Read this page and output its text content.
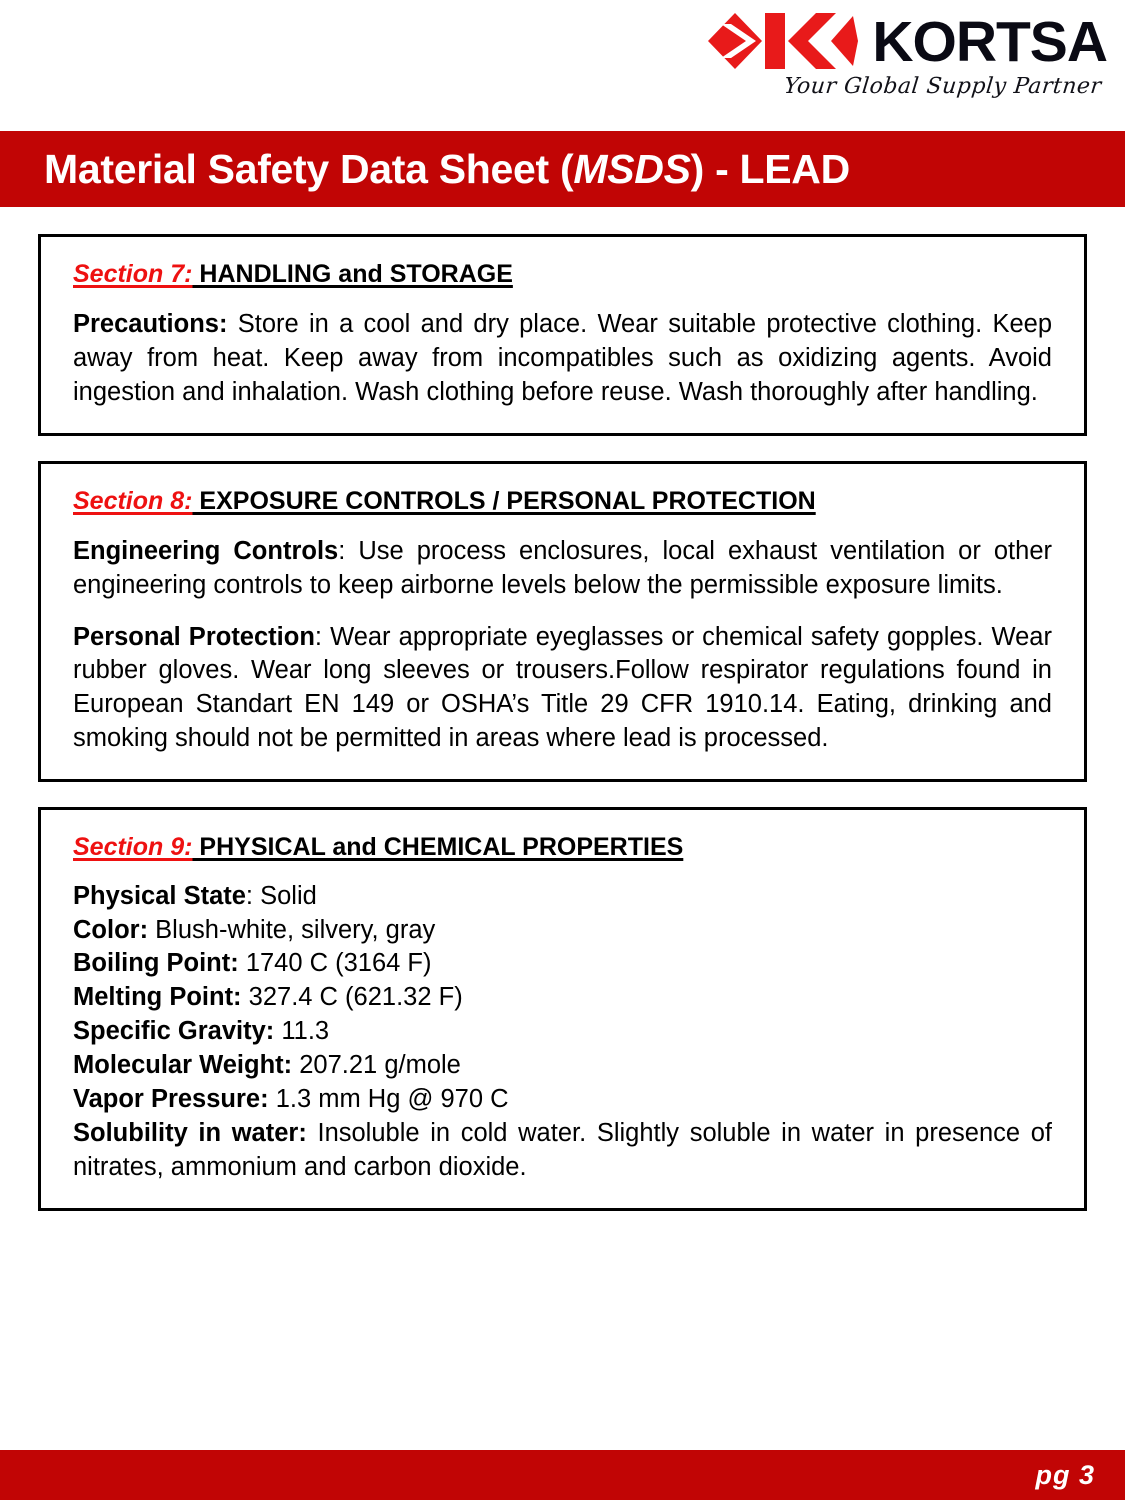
KORTSA
Your Global Supply Partner
Material Safety Data Sheet (MSDS) - LEAD
Section 7: HANDLING and STORAGE

Precautions: Store in a cool and dry place. Wear suitable protective clothing. Keep away from heat. Keep away from incompatibles such as oxidizing agents. Avoid ingestion and inhalation. Wash clothing before reuse. Wash thoroughly after handling.

Section 8: EXPOSURE CONTROLS / PERSONAL PROTECTION

Engineering Controls: Use process enclosures, local exhaust ventilation or other engineering controls to keep airborne levels below the permissible exposure limits.

Personal Protection: Wear appropriate eyeglasses or chemical safety gopples. Wear rubber gloves. Wear long sleeves or trousers.Follow respirator regulations found in European Standart EN 149 or OSHA’s Title 29 CFR 1910.14. Eating, drinking and smoking should not be permitted in areas where lead is processed.

Section 9: PHYSICAL and CHEMICAL PROPERTIES
Physical State: Solid
Color: Blush-white, silvery, gray
Boiling Point: 1740 C (3164 F)
Melting Point: 327.4 C (621.32 F)
Specific Gravity: 11.3
Molecular Weight: 207.21 g/mole
Vapor Pressure: 1.3 mm Hg @ 970 C
Solubility in water: Insoluble in cold water. Slightly soluble in water in presence of nitrates, ammonium and carbon dioxide.
pg 3
